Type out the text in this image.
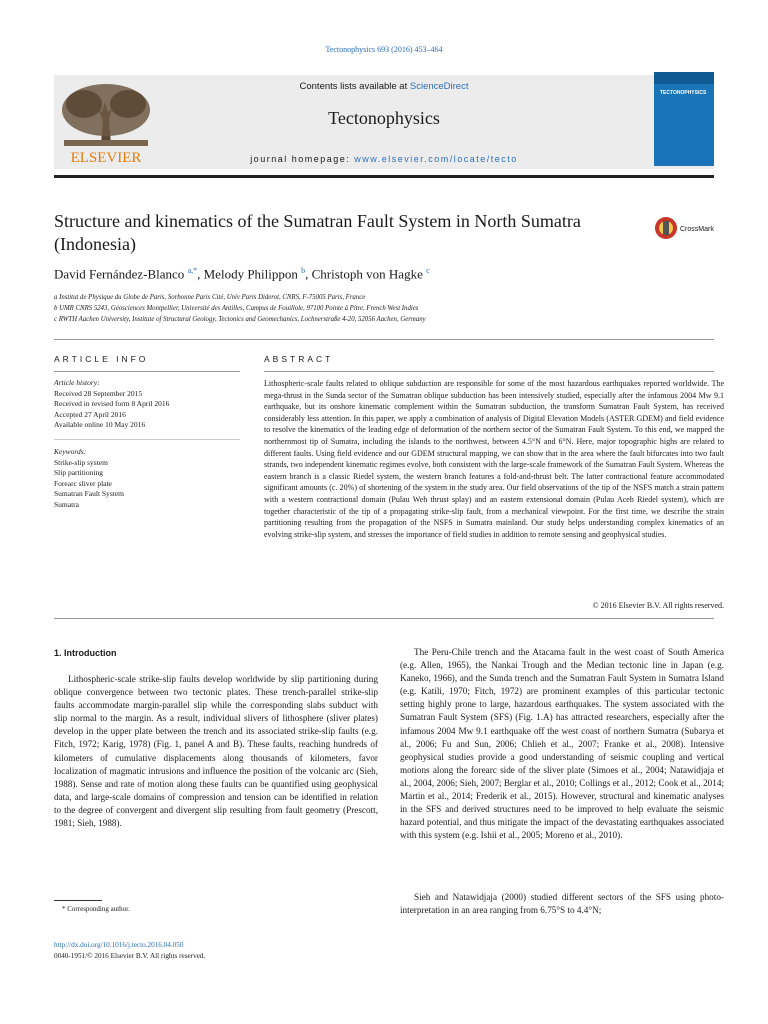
Tectonophysics 693 (2016) 453–464
ELSEVIER
Contents lists available at ScienceDirect
Tectonophysics
journal homepage: www.elsevier.com/locate/tecto
TECTONOPHYSICS
Structure and kinematics of the Sumatran Fault System in North Sumatra (Indonesia)
CrossMark
David Fernández-Blanco $^{a,*}$, Melody Philippon $^b$, Christoph von Hagke $^c$
a Institut de Physique du Globe de Paris, Sorbonne Paris Cité, Univ Paris Diderot, CNRS, F-75005 Paris, France
b UMR CNRS 5243, Géosciences Montpellier, Université des Antilles, Campus de Fouillole, 97100 Pointe à Pitre, French West Indies
c RWTH Aachen University, Institute of Structural Geology, Tectonics and Geomechanics, Lochnerstraße 4-20, 52056 Aachen, Germany
ARTICLE INFO	ABSTRACT
Article history:
Received 28 September 2015
Received in revised form 8 April 2016
Accepted 27 April 2016
Available online 10 May 2016
Keywords:
Strike-slip system
Slip partitioning
Forearc sliver plate
Sumatran Fault System
Sumatra
Lithospheric-scale faults related to oblique subduction are responsible for some of the most hazardous earthquakes reported worldwide. The mega-thrust in the Sunda sector of the Sumatran oblique subduction has been intensively studied, especially after the infamous 2004 Mw 9.1 earthquake, but its onshore kinematic complement within the Sumatran subduction, the transform Sumatran Fault System, has received considerably less attention. In this paper, we apply a combination of analysis of Digital Elevation Models (ASTER GDEM) and field evidence to resolve the kinematics of the leading edge of deformation of the northern sector of the Sumatran Fault System. To this end, we mapped the northernmost tip of Sumatra, including the islands to the northwest, between 4.5°N and 6°N. Here, major topographic highs are related to different faults. Using field evidence and our GDEM structural mapping, we can show that in the area where the fault bifurcates into two fault strands, two independent kinematic regimes evolve, both consistent with the large-scale framework of the Sumatran Fault System. Whereas the eastern branch is a classic Riedel system, the western branch features a fold-and-thrust belt. The latter contractional feature accommodated significant amounts (c. 20%) of shortening of the system in the study area. Our field observations of the tip of the NSFS match a strain pattern with a western contractional domain (Pulau Weh thrust splay) and an eastern extensional domain (Pulau Aceh Riedel system), which are together characteristic of the tip of a propagating strike-slip fault, from a mechanical viewpoint. For the first time, we describe the strain partitioning resulting from the propagation of the NSFS in Sumatra mainland. Our study helps understanding complex kinematics of an evolving strike-slip system, and stresses the importance of field studies in addition to remote sensing and geophysical studies.
© 2016 Elsevier B.V. All rights reserved.
1. Introduction
Lithospheric-scale strike-slip faults develop worldwide by slip partitioning during oblique convergence between two tectonic plates. These trench-parallel strike-slip faults accommodate margin-parallel slip while the corresponding slabs subduct with slip normal to the margin. As a result, individual slivers of lithosphere (sliver plates) develop in the upper plate between the trench and its associated strike-slip faults (e.g. Fitch, 1972; Karig, 1978) (Fig. 1, panel A and B). These faults, reaching hundreds of kilometers of cumulative displacements along thousands of kilometers, favor localization of magmatic intrusions and influence the position of the volcanic arc (Sieh, 1988). Sense and rate of motion along these faults can be quantified using geophysical data, and large-scale domains of compression and tension can be identified in relation to the degree of convergent and divergent slip resulting from fault geometry (Prescott, 1981; Sieh, 1988).
The Peru-Chile trench and the Atacama fault in the west coast of South America (e.g. Allen, 1965), the Nankai Trough and the Median tectonic line in Japan (e.g. Kaneko, 1966), and the Sunda trench and the Sumatran Fault System in Sumatra Island (e.g. Katili, 1970; Fitch, 1972) are prominent examples of this particular tectonic setting highly prone to large, hazardous earthquakes. The system associated with the Sumatran Fault System (SFS) (Fig. 1.A) has attracted researchers, especially after the infamous 2004 Mw 9.1 earthquake off the west coast of northern Sumatra (Subarya et al., 2006; Fu and Sun, 2006; Chlieh et al., 2007; Franke et al., 2008). Intensive geophysical studies provide a good understanding of seismic coupling and vertical motions along the forearc side of the sliver plate (Simoes et al., 2004; Natawidjaja et al., 2004, 2006; Sieh, 2007; Berglar et al., 2010; Collings et al., 2012; Cook et al., 2014; Martin et al., 2014; Frederik et al., 2015). However, structural and kinematic analyses in the SFS and derived structures need to be improved to help evaluate the seismic hazard potential, and thus mitigate the impact of the devastating earthquakes associated with this system (e.g. Ishii et al., 2005; Moreno et al., 2010).
Sieh and Natawidjaja (2000) studied different sectors of the SFS using photo-interpretation in an area ranging from 6.75°S to 4.4°N;
* Corresponding author.
http://dx.doi.org/10.1016/j.tecto.2016.04.050
0040-1951/© 2016 Elsevier B.V. All rights reserved.
